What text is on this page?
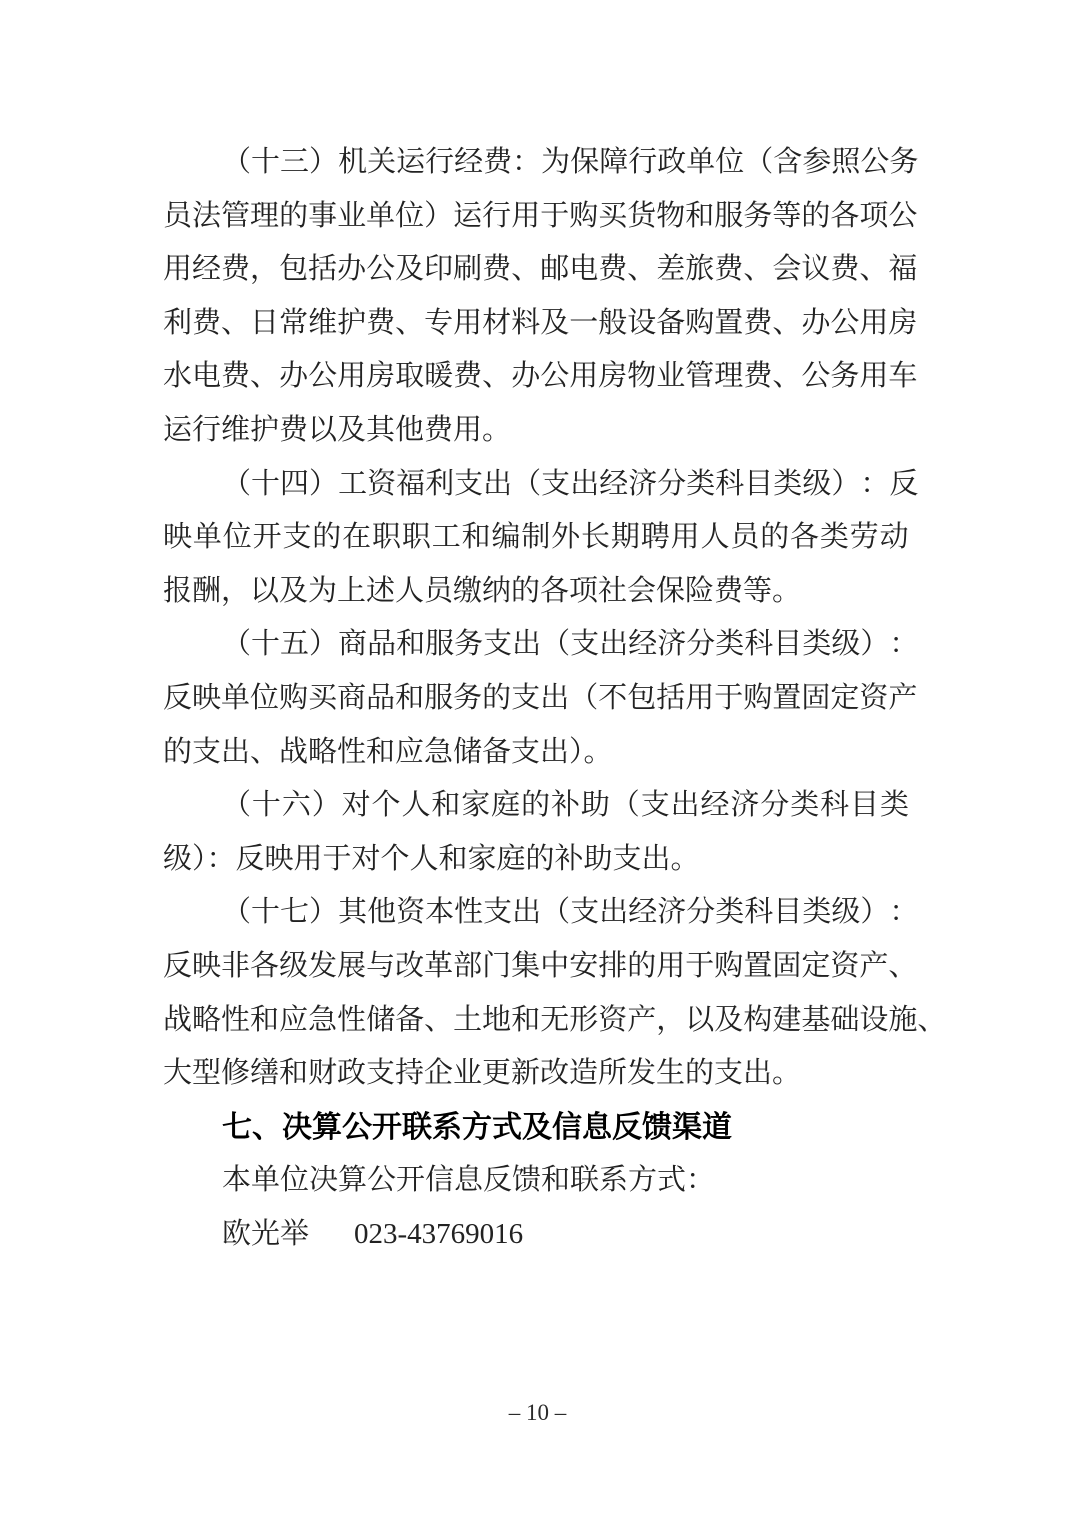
（ 十 三 ） 机 关 运 行 经 费 ： 为 保 障 行 政 单 位 （ 含 参 照 公 务
员 法 管 理 的 事 业 单 位 ） 运 行 用 于 购 买 货 物 和 服 务 等 的 各 项 公
用 经 费 ， 包 括 办 公 及 印 刷 费 、 邮 电 费 、 差 旅 费 、 会 议 费 、 福
利 费 、 日 常 维 护 费 、 专 用 材 料 及 一 般 设 备 购 置 费 、 办 公 用 房
水 电 费 、 办 公 用 房 取 暖 费 、 办 公 用 房 物 业 管 理 费 、 公 务 用 车
运行维护费以及其他费用。
（ 十 四 ） 工 资 福 利 支 出 （ 支 出 经 济 分 类 科 目 类 级 ） ： 反
映 单 位 开 支 的 在 职 职 工 和 编 制 外 长 期 聘 用 人 员 的 各 类 劳 动
报酬，以及为上述人员缴纳的各项社会保险费等。
（ 十 五 ） 商 品 和 服 务 支 出 （ 支 出 经 济 分 类 科 目 类 级 ） ：
反 映 单 位 购 买 商 品 和 服 务 的 支 出 （ 不 包 括 用 于 购 置 固 定 资 产
的支出、战略性和应急储备支出）。
（ 十 六 ） 对 个 人 和 家 庭 的 补 助 （ 支 出 经 济 分 类 科 目 类
级）：反映用于对个人和家庭的补助支出。
（ 十 七 ） 其 他 资 本 性 支 出 （ 支 出 经 济 分 类 科 目 类 级 ） ：
反 映 非 各 级 发 展 与 改 革 部 门 集 中 安 排 的 用 于 购 置 固 定 资 产 、
战 略 性 和 应 急 性 储 备 、 土 地 和 无 形 资 产 ， 以 及 构 建 基 础 设 施 、
大型修缮和财政支持企业更新改造所发生的支出。
七、决算公开联系方式及信息反馈渠道
本单位决算公开信息反馈和联系方式：
欧光举 023-43769016
– 10 –
